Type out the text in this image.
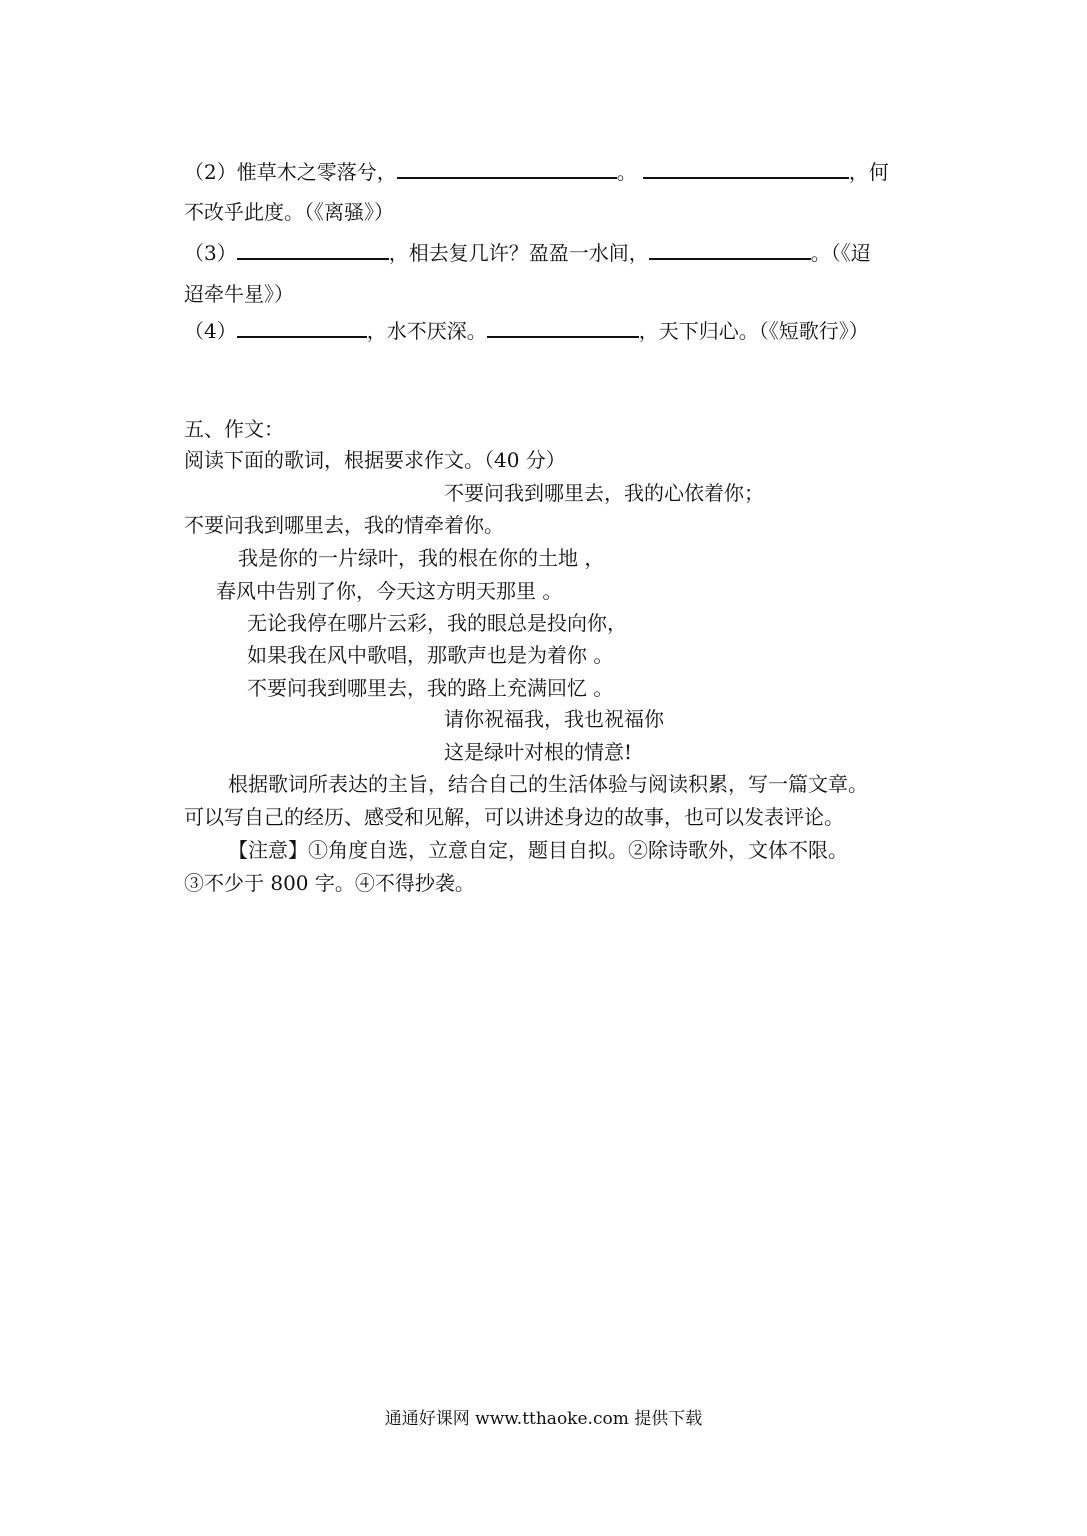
（2）惟草木之零落兮，	。	，何
不改乎此度。（《离骚》）
（3）	，相去复几许？盈盈一水间，	。（《迢
迢牵牛星》）
（4）	，水不厌深。	，天下归心。（《短歌行》）
五、作文：
阅读下面的歌词，根据要求作文。（40 分）
不要问我到哪里去，我的心依着你；
不要问我到哪里去，我的情牵着你。
我是你的一片绿叶，我的根在你的土地 ，
春风中告别了你，今天这方明天那里 。
无论我停在哪片云彩，我的眼总是投向你，
如果我在风中歌唱，那歌声也是为着你 。
不要问我到哪里去，我的路上充满回忆 。
请你祝福我，我也祝福你
这是绿叶对根的情意!
根据歌词所表达的主旨，结合自己的生活体验与阅读积累，写一篇文章。
可以写自己的经历、感受和见解，可以讲述身边的故事，也可以发表评论。
【注意】①角度自选，立意自定，题目自拟。②除诗歌外，文体不限。
③不少于 800 字。④不得抄袭。
通通好课网 www.tthaoke.com 提供下载
